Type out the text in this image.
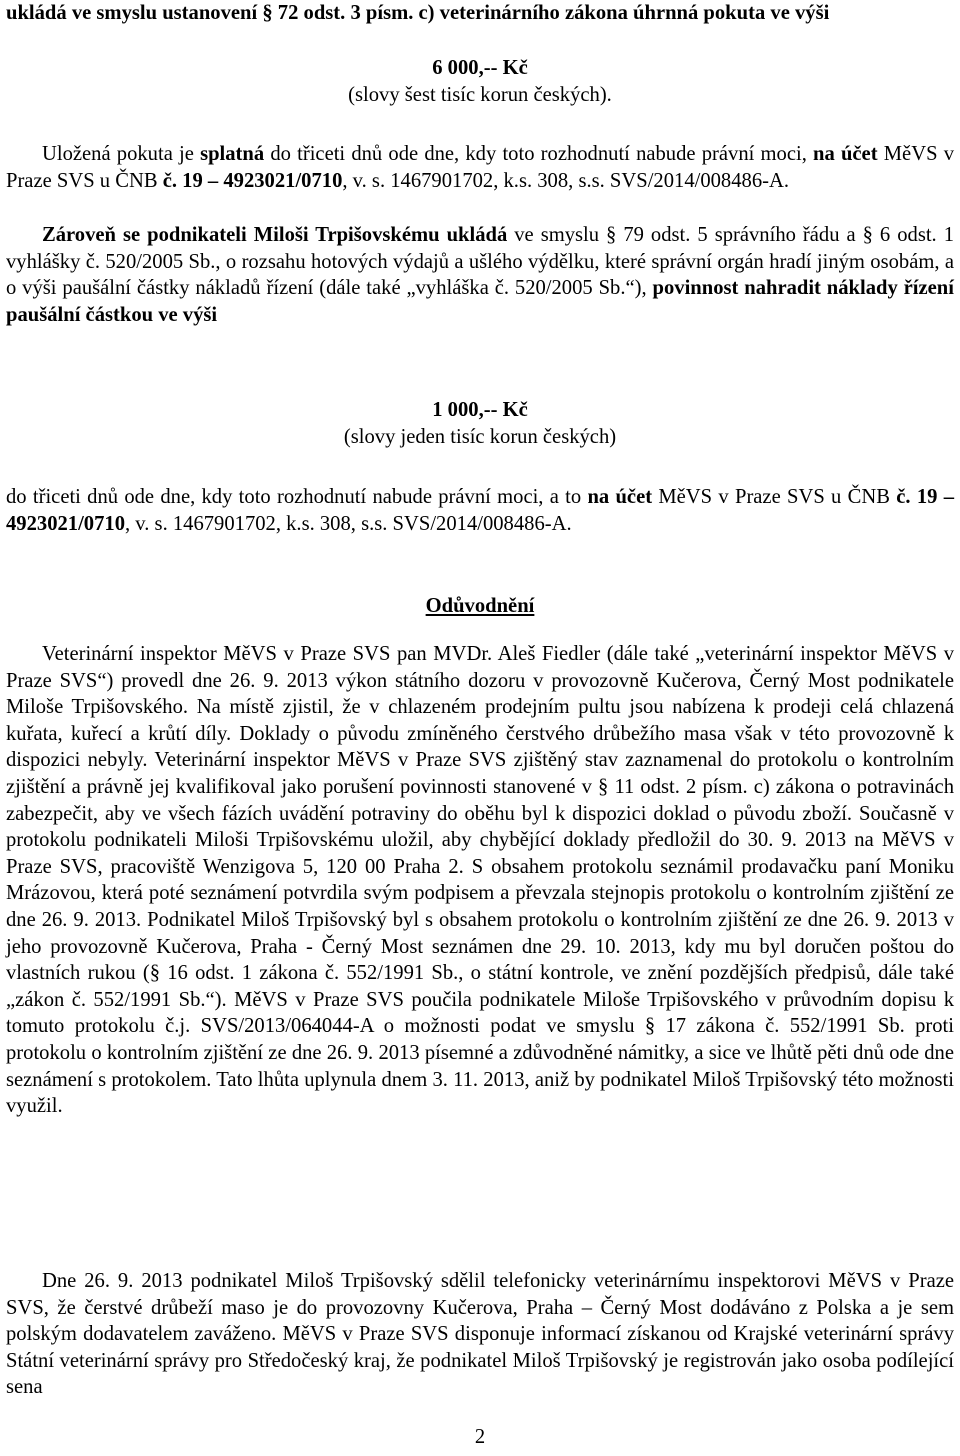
ukládá ve smyslu ustanovení § 72 odst. 3 písm. c) veterinárního zákona úhrnná pokuta ve výši

6 000,-- Kč
(slovy šest tisíc korun českých).

Uložená pokuta je splatná do třiceti dnů ode dne, kdy toto rozhodnutí nabude právní moci, na účet MěVS v Praze SVS u ČNB č. 19 – 4923021/0710, v. s. 1467901702, k.s. 308, s.s. SVS/2014/008486-A.

Zároveň se podnikateli Miloši Trpišovskému ukládá ve smyslu § 79 odst. 5 správního řádu a § 6 odst. 1 vyhlášky č. 520/2005 Sb., o rozsahu hotových výdajů a ušlého výdělku, které správní orgán hradí jiným osobám, a o výši paušální částky nákladů řízení (dále také „vyhláška č. 520/2005 Sb.“), povinnost nahradit náklady řízení paušální částkou ve výši

1 000,-- Kč
(slovy jeden tisíc korun českých)

do třiceti dnů ode dne, kdy toto rozhodnutí nabude právní moci, a to na účet MěVS v Praze SVS u ČNB č. 19 – 4923021/0710, v. s. 1467901702, k.s. 308, s.s. SVS/2014/008486-A.

Odůvodnění

Veterinární inspektor MěVS v Praze SVS pan MVDr. Aleš Fiedler (dále také „veterinární inspektor MěVS v Praze SVS“) provedl dne 26. 9. 2013 výkon státního dozoru v provozovně Kučerova, Černý Most podnikatele Miloše Trpišovského. Na místě zjistil, že v chlazeném prodejním pultu jsou nabízena k prodeji celá chlazená kuřata, kuřecí a krůtí díly. Doklady o původu zmíněného čerstvého drůbežího masa však v této provozovně k dispozici nebyly. Veterinární inspektor MěVS v Praze SVS zjištěný stav zaznamenal do protokolu o kontrolním zjištění a právně jej kvalifikoval jako porušení povinnosti stanovené v § 11 odst. 2 písm. c) zákona o potravinách zabezpečit, aby ve všech fázích uvádění potraviny do oběhu byl k dispozici doklad o původu zboží. Současně v protokolu podnikateli Miloši Trpišovskému uložil, aby chybějící doklady předložil do 30. 9. 2013 na MěVS v Praze SVS, pracoviště Wenzigova 5, 120 00 Praha 2. S obsahem protokolu seznámil prodavačku paní Moniku Mrázovou, která poté seznámení potvrdila svým podpisem a převzala stejnopis protokolu o kontrolním zjištění ze dne 26. 9. 2013. Podnikatel Miloš Trpišovský byl s obsahem protokolu o kontrolním zjištění ze dne 26. 9. 2013 v jeho provozovně Kučerova, Praha - Černý Most seznámen dne 29. 10. 2013, kdy mu byl doručen poštou do vlastních rukou (§ 16 odst. 1 zákona č. 552/1991 Sb., o státní kontrole, ve znění pozdějších předpisů, dále také „zákon č. 552/1991 Sb.“). MěVS v Praze SVS poučila podnikatele Miloše Trpišovského v průvodním dopisu k tomuto protokolu č.j. SVS/2013/064044-A o možnosti podat ve smyslu § 17 zákona č. 552/1991 Sb. proti protokolu o kontrolním zjištění ze dne 26. 9. 2013 písemné a zdůvodněné námitky, a sice ve lhůtě pěti dnů ode dne seznámení s protokolem. Tato lhůta uplynula dnem 3. 11. 2013, aniž by podnikatel Miloš Trpišovský této možnosti využil.

Dne 26. 9. 2013 podnikatel Miloš Trpišovský sdělil telefonicky veterinárnímu inspektorovi MěVS v Praze SVS, že čerstvé drůbeží maso je do provozovny Kučerova, Praha – Černý Most dodáváno z Polska a je sem polským dodavatelem zaváženo. MěVS v Praze SVS disponuje informací získanou od Krajské veterinární správy Státní veterinární správy pro Středočeský kraj, že podnikatel Miloš Trpišovský je registrován jako osoba podílející sena

2
